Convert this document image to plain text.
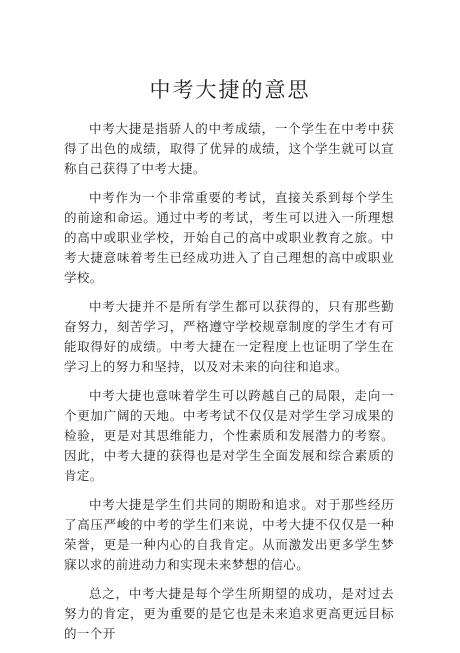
中考大捷的意思

中考大捷是指骄人的中考成绩，一个学生在中考中获得了出色的成绩，取得了优异的成绩，这个学生就可以宣称自己获得了中考大捷。

中考作为一个非常重要的考试，直接关系到每个学生的前途和命运。通过中考的考试，考生可以进入一所理想的高中或职业学校，开始自己的高中或职业教育之旅。中考大捷意味着考生已经成功进入了自己理想的高中或职业学校。

中考大捷并不是所有学生都可以获得的，只有那些勤奋努力，刻苦学习，严格遵守学校规章制度的学生才有可能取得好的成绩。中考大捷在一定程度上也证明了学生在学习上的努力和坚持，以及对未来的向往和追求。

中考大捷也意味着学生可以跨越自己的局限，走向一个更加广阔的天地。中考考试不仅仅是对学生学习成果的检验，更是对其思维能力，个性素质和发展潜力的考察。因此，中考大捷的获得也是对学生全面发展和综合素质的肯定。

中考大捷是学生们共同的期盼和追求。对于那些经历了高压严峻的中考的学生们来说，中考大捷不仅仅是一种荣誉，更是一种内心的自我肯定。从而激发出更多学生梦寐以求的前进动力和实现未来梦想的信心。

总之，中考大捷是每个学生所期望的成功，是对过去努力的肯定，更为重要的是它也是未来追求更高更远目标的一个开
